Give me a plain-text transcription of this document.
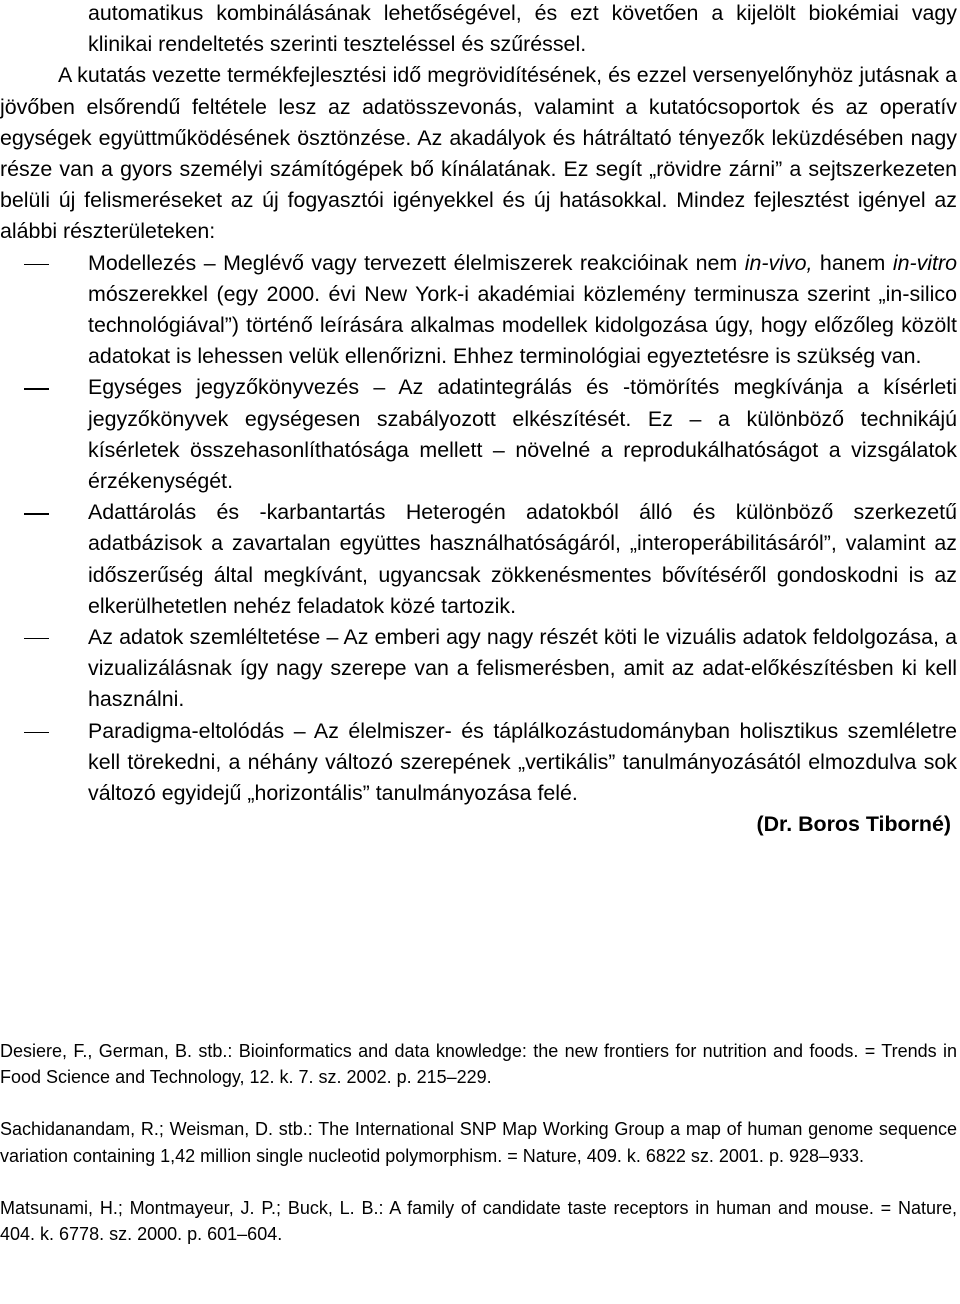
automatikus kombinálásának lehetőségével, és ezt követően a kijelölt biokémiai vagy klinikai rendeltetés szerinti teszteléssel és szűréssel.

A kutatás vezette termékfejlesztési idő megrövidítésének, és ezzel versenyelőnyhöz jutásnak a jövőben elsőrendű feltétele lesz az adatösszevonás, valamint a kutatócsoportok és az operatív egységek együttműködésének ösztönzése. Az akadályok és hátráltató tényezők leküzdésében nagy része van a gyors személyi számítógépek bő kínálatának. Ez segít „rövidre zárni” a sejtszerkezeten belüli új felismeréseket az új fogyasztói igényekkel és új hatásokkal. Mindez fejlesztést igényel az alábbi részterületeken:

Modellezés – Meglévő vagy tervezett élelmiszerek reakcióinak nem in-vivo, hanem in-vitro mószerekkel (egy 2000. évi New York-i akadémiai közlemény terminusza szerint „in-silico technológiával”) történő leírására alkalmas modellek kidolgozása úgy, hogy előzőleg közölt adatokat is lehessen velük ellenőrizni. Ehhez terminológiai egyeztetésre is szükség van.
Egységes jegyzőkönyvezés – Az adatintegrálás és -tömörítés megkívánja a kísérleti jegyzőkönyvek egységesen szabályozott elkészítését. Ez – a különböző technikájú kísérletek összehasonlíthatósága mellett – növelné a reprodukálhatóságot a vizsgálatok érzékenységét.
Adattárolás és -karbantartás Heterogén adatokból álló és különböző szerkezetű adatbázisok a zavartalan együttes használhatóságáról, „interoperábilitásáról”, valamint az időszerűség által megkívánt, ugyancsak zökkenésmentes bővítéséről gondoskodni is az elkerülhetetlen nehéz feladatok közé tartozik.
Az adatok szemléltetése – Az emberi agy nagy részét köti le vizuális adatok feldolgozása, a vizualizálásnak így nagy szerepe van a felismerésben, amit az adat-előkészítésben ki kell használni.
Paradigma-eltolódás – Az élelmiszer- és táplálkozástudományban holisztikus szemléletre kell törekedni, a néhány változó szerepének „vertikális” tanulmányozásától elmozdulva sok változó egyidejű „horizontális” tanulmányozása felé.

(Dr. Boros Tiborné)

Desiere, F., German, B. stb.: Bioinformatics and data knowledge: the new frontiers for nutrition and foods. = Trends in Food Science and Technology, 12. k. 7. sz. 2002. p. 215–229.

Sachidanandam, R.; Weisman, D. stb.: The International SNP Map Working Group a map of human genome sequence variation containing 1,42 million single nucleotid polymorphism. = Nature, 409. k. 6822 sz. 2001. p. 928–933.

Matsunami, H.; Montmayeur, J. P.; Buck, L. B.: A family of candidate taste receptors in human and mouse. = Nature, 404. k. 6778. sz. 2000. p. 601–604.
